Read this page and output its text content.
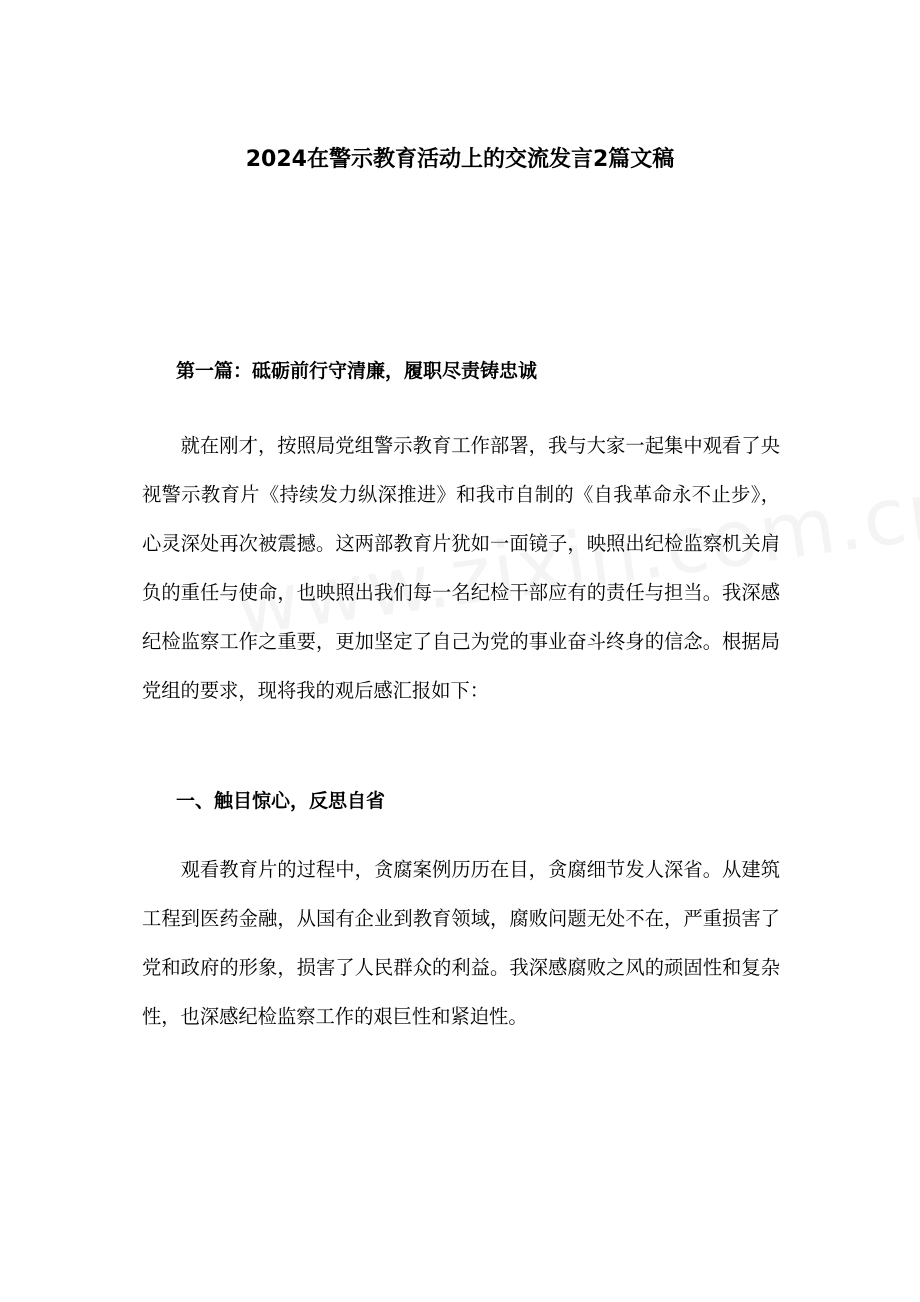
2024在警示教育活动上的交流发言2篇文稿
第一篇：砥砺前行守清廉，履职尽责铸忠诚

就在刚才，按照局党组警示教育工作部署，我与大家一起集中观看了央视警示教育片《持续发力纵深推进》和我市自制的《自我革命永不止步》，心灵深处再次被震撼。这两部教育片犹如一面镜子，映照出纪检监察机关肩负的重任与使命，也映照出我们每一名纪检干部应有的责任与担当。我深感纪检监察工作之重要，更加坚定了自己为党的事业奋斗终身的信念。根据局党组的要求，现将我的观后感汇报如下：

一、触目惊心，反思自省

观看教育片的过程中，贪腐案例历历在目，贪腐细节发人深省。从建筑工程到医药金融，从国有企业到教育领域，腐败问题无处不在，严重损害了党和政府的形象，损害了人民群众的利益。我深感腐败之风的顽固性和复杂性，也深感纪检监察工作的艰巨性和紧迫性。
